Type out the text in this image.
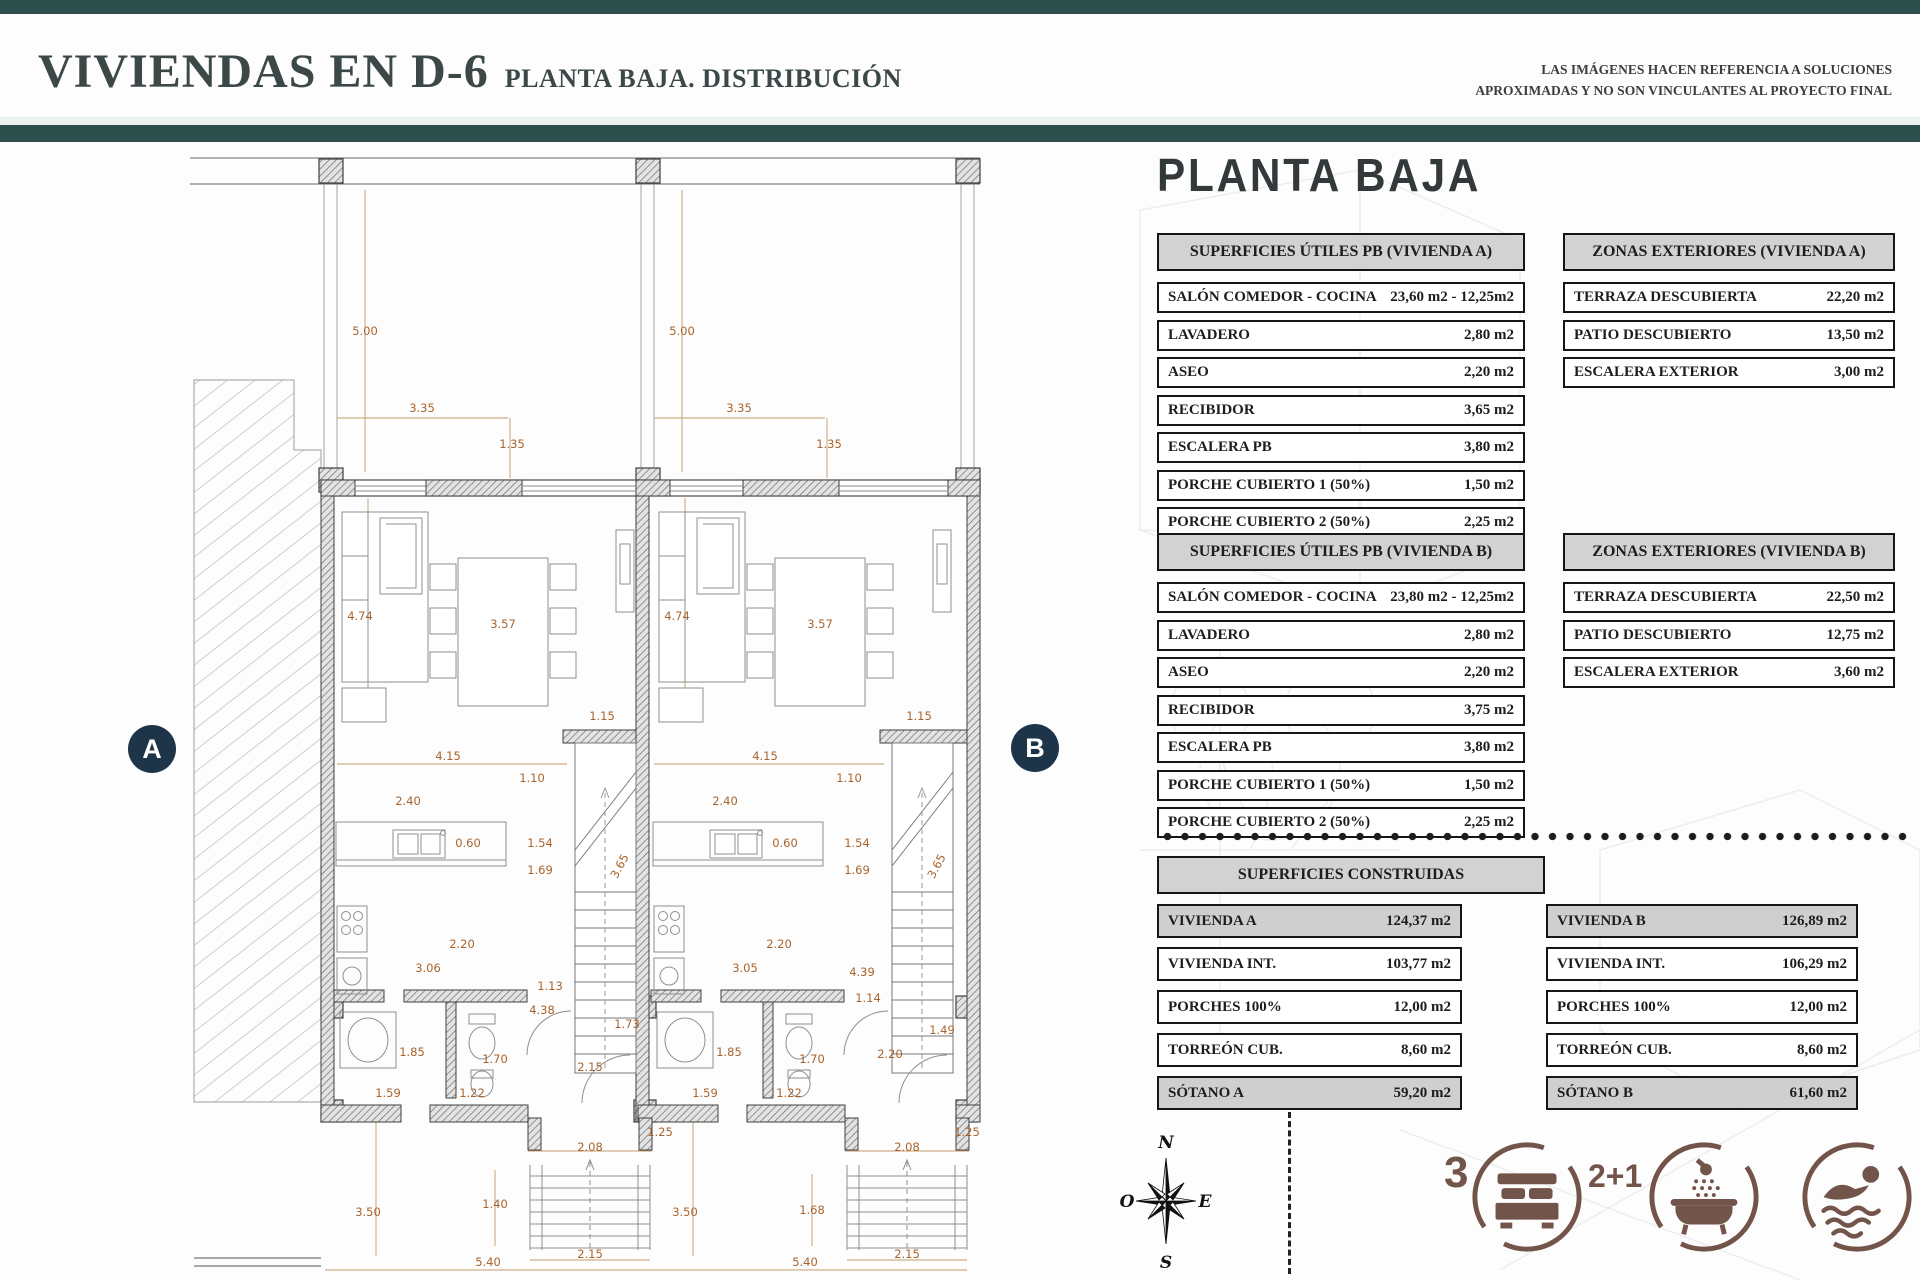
VIVIENDAS EN D-6 PLANTA BAJA. DISTRIBUCIÓN	LAS IMÁGENES HACEN REFERENCIA A SOLUCIONES
APROXIMADAS Y NO SON VINCULANTES AL PROYECTO FINAL
5.00	5.00
3.35	3.35
1.35	1.35
4.74	4.74
3.57	3.57
1.15	1.15
4.15	4.15
1.10	1.10
2.40	2.40
0.60	0.60
1.54	1.54
1.69	1.69
3.65	3.65
2.20	2.20
3.06	3.05
1.13
4.39
4.38
1.14
1.73	1.49
1.85	1.85
1.70	1.70
2.15
2.20
1.59	1.59
1.22	1.22
1.25	1.25
2.08	2.08
1.40	1.68
3.50	3.50
2.15	2.15
5.40	5.40
A	B
PLANTA BAJA
SUPERFICIES ÚTILES PB (VIVIENDA A)
SALÓN COMEDOR - COCINA 23,60 m2 - 12,25m2
LAVADERO	2,80 m2
ASEO	2,20 m2
RECIBIDOR	3,65 m2
ESCALERA PB	3,80 m2
PORCHE CUBIERTO 1 (50%)	1,50 m2
PORCHE CUBIERTO 2 (50%)	2,25 m2
ZONAS EXTERIORES (VIVIENDA A)
TERRAZA DESCUBIERTA	22,20 m2
PATIO DESCUBIERTO	13,50 m2
ESCALERA EXTERIOR	3,00 m2
SUPERFICIES ÚTILES PB (VIVIENDA B)
SALÓN COMEDOR - COCINA 23,80 m2 - 12,25m2
LAVADERO	2,80 m2
ASEO	2,20 m2
RECIBIDOR	3,75 m2
ESCALERA PB	3,80 m2
PORCHE CUBIERTO 1 (50%)	1,50 m2
PORCHE CUBIERTO 2 (50%)	2,25 m2
ZONAS EXTERIORES (VIVIENDA B)
TERRAZA DESCUBIERTA	22,50 m2
PATIO DESCUBIERTO	12,75 m2
ESCALERA EXTERIOR	3,60 m2
SUPERFICIES CONSTRUIDAS
VIVIENDA A	124,37 m2
VIVIENDA INT.	103,77 m2
PORCHES 100%	12,00 m2
TORREÓN CUB.	8,60 m2
SÓTANO A	59,20 m2
VIVIENDA B	126,89 m2
VIVIENDA INT.	106,29 m2
PORCHES 100%	12,00 m2
TORREÓN CUB.	8,60 m2
SÓTANO B	61,60 m2
N
S
E
O
3	2+1
